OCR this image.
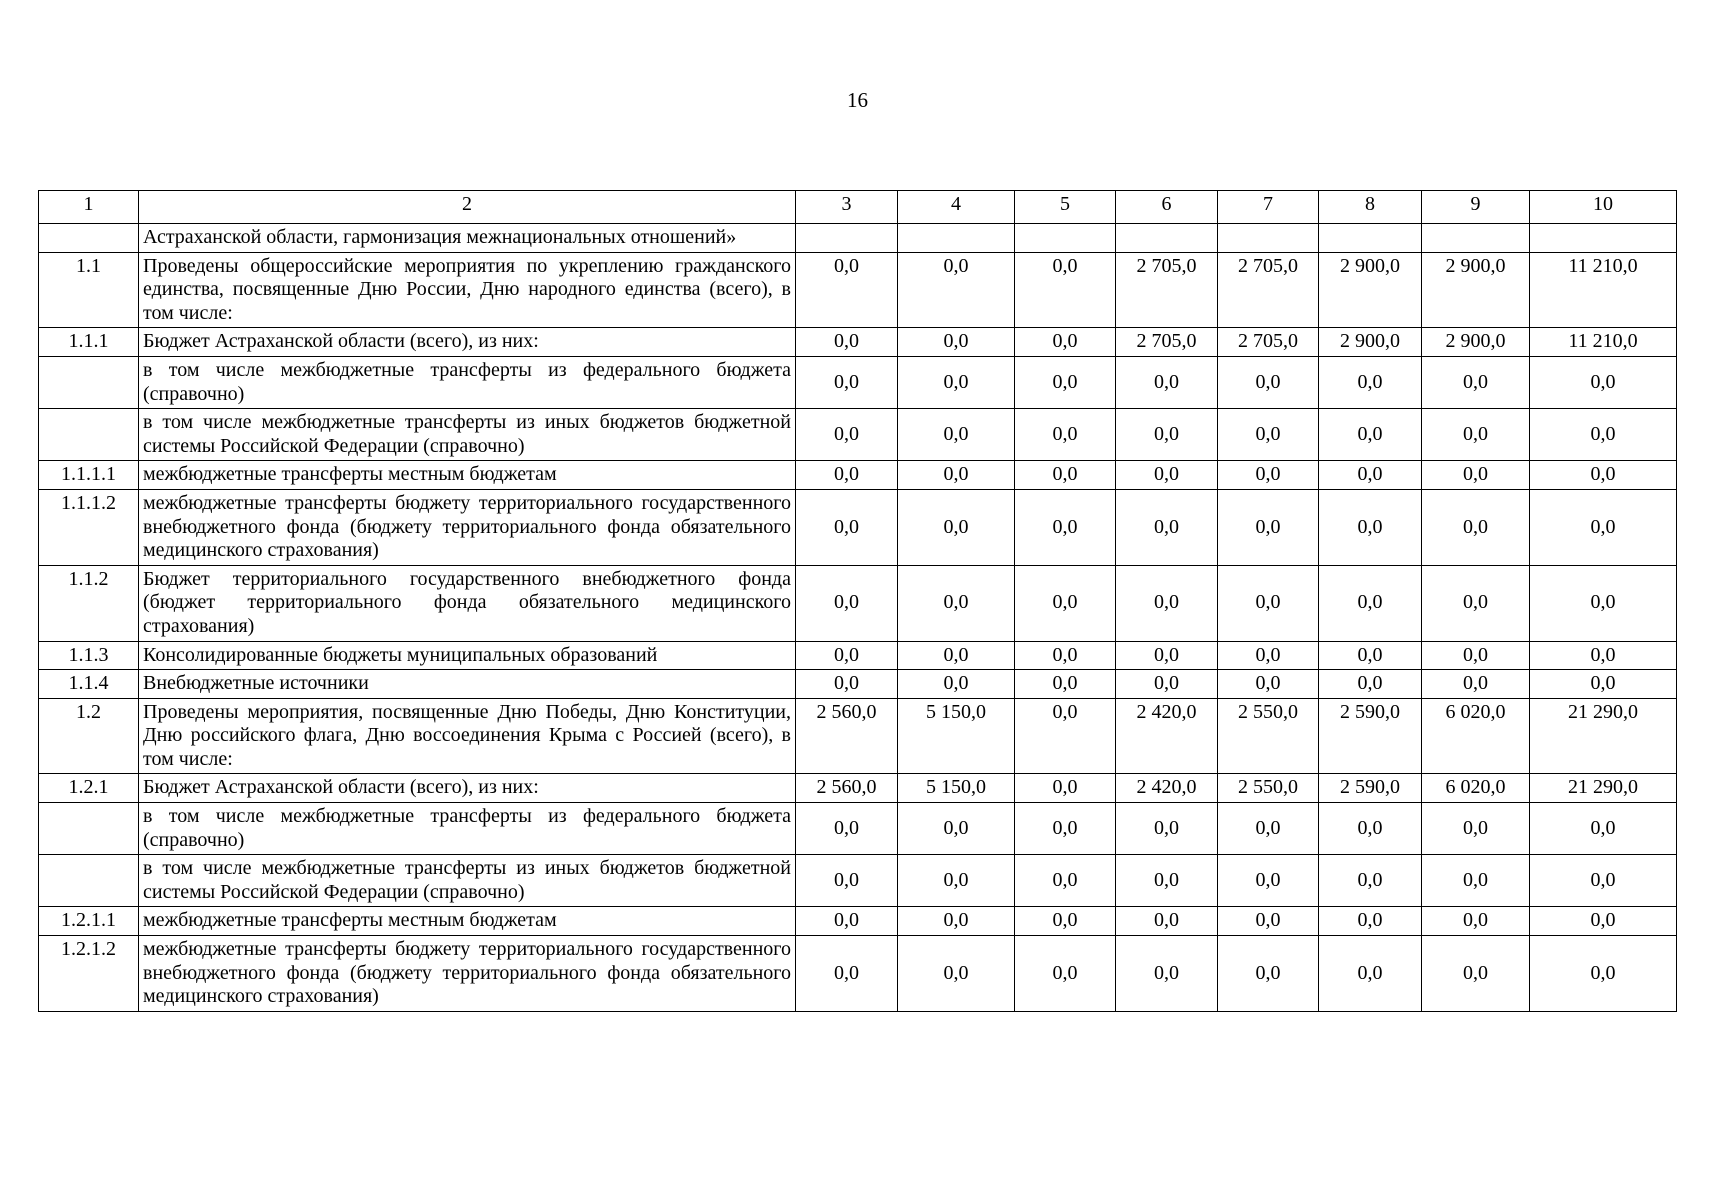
16
1	2	3	4	5	6	7	8	9	10
	Астраханской области, гармонизация межнациональных отношений»								
1.1	Проведены общероссийские мероприятия по укреплению гражданского единства, посвященные Дню России, Дню народного единства (всего), в том числе:	0,0	0,0	0,0	2 705,0	2 705,0	2 900,0	2 900,0	11 210,0
1.1.1	Бюджет Астраханской области (всего), из них:	0,0	0,0	0,0	2 705,0	2 705,0	2 900,0	2 900,0	11 210,0
	в том числе межбюджетные трансферты из федерального бюджета (справочно)	0,0	0,0	0,0	0,0	0,0	0,0	0,0	0,0
	в том числе межбюджетные трансферты из иных бюджетов бюджетной системы Российской Федерации (справочно)	0,0	0,0	0,0	0,0	0,0	0,0	0,0	0,0
1.1.1.1	межбюджетные трансферты местным бюджетам	0,0	0,0	0,0	0,0	0,0	0,0	0,0	0,0
1.1.1.2	межбюджетные трансферты бюджету территориального государственного внебюджетного фонда (бюджету территориального фонда обязательного медицинского страхования)	0,0	0,0	0,0	0,0	0,0	0,0	0,0	0,0
1.1.2	Бюджет территориального государственного внебюджетного фонда (бюджет территориального фонда обязательного медицинского страхования)	0,0	0,0	0,0	0,0	0,0	0,0	0,0	0,0
1.1.3	Консолидированные бюджеты муниципальных образований	0,0	0,0	0,0	0,0	0,0	0,0	0,0	0,0
1.1.4	Внебюджетные источники	0,0	0,0	0,0	0,0	0,0	0,0	0,0	0,0
1.2	Проведены мероприятия, посвященные Дню Победы, Дню Конституции, Дню российского флага, Дню воссоединения Крыма с Россией (всего), в том числе:	2 560,0	5 150,0	0,0	2 420,0	2 550,0	2 590,0	6 020,0	21 290,0
1.2.1	Бюджет Астраханской области (всего), из них:	2 560,0	5 150,0	0,0	2 420,0	2 550,0	2 590,0	6 020,0	21 290,0
	в том числе межбюджетные трансферты из федерального бюджета (справочно)	0,0	0,0	0,0	0,0	0,0	0,0	0,0	0,0
	в том числе межбюджетные трансферты из иных бюджетов бюджетной системы Российской Федерации (справочно)	0,0	0,0	0,0	0,0	0,0	0,0	0,0	0,0
1.2.1.1	межбюджетные трансферты местным бюджетам	0,0	0,0	0,0	0,0	0,0	0,0	0,0	0,0
1.2.1.2	межбюджетные трансферты бюджету территориального государственного внебюджетного фонда (бюджету территориального фонда обязательного медицинского страхования)	0,0	0,0	0,0	0,0	0,0	0,0	0,0	0,0
